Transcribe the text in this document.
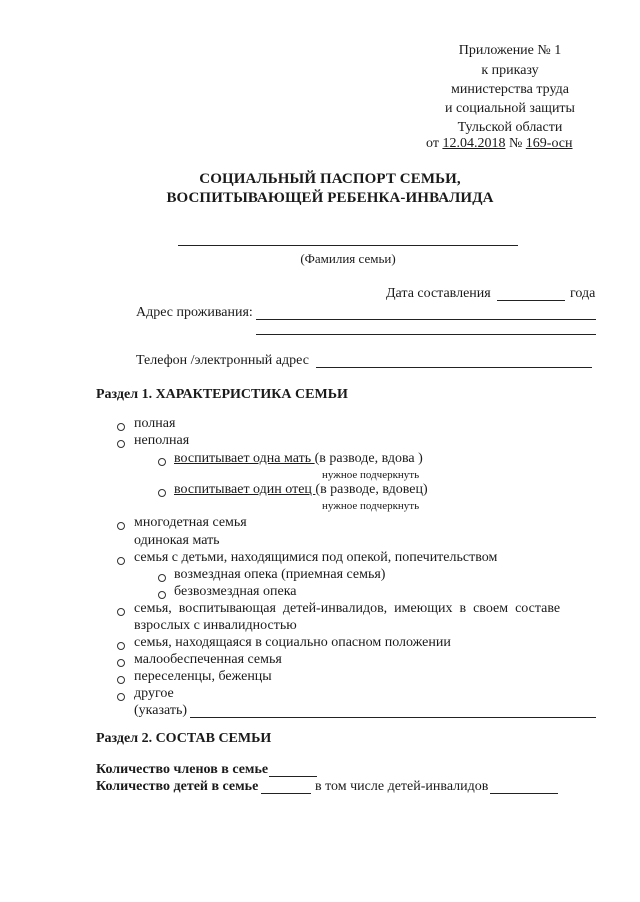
Приложение № 1
к приказу
министерства труда
и социальной защиты
Тульской области
от 12.04.2018 № 169-осн
СОЦИАЛЬНЫЙ ПАСПОРТ СЕМЬИ,
ВОСПИТЫВАЮЩЕЙ РЕБЕНКА-ИНВАЛИДА
(Фамилия семьи)
Дата составления	года
Адрес проживания:
Телефон /электронный адрес
Раздел 1. ХАРАКТЕРИСТИКА СЕМЬИ
полная
неполная
воспитывает одна мать (в разводе, вдова )
нужное подчеркнуть
воспитывает один отец (в разводе, вдовец)
нужное подчеркнуть
многодетная семья
одинокая мать
семья с детьми, находящимися под опекой, попечительством
возмездная опека (приемная семья)
безвозмездная опека
семья,  воспитывающая  детей-инвалидов,  имеющих  в  своем  составе
взрослых с инвалидностью
семья, находящаяся в социально опасном положении
малообеспеченная семья
переселенцы, беженцы
другое
(указать)
Раздел 2. СОСТАВ СЕМЬИ
Количество членов в семье
Количество детей в семье	в том числе детей-инвалидов
